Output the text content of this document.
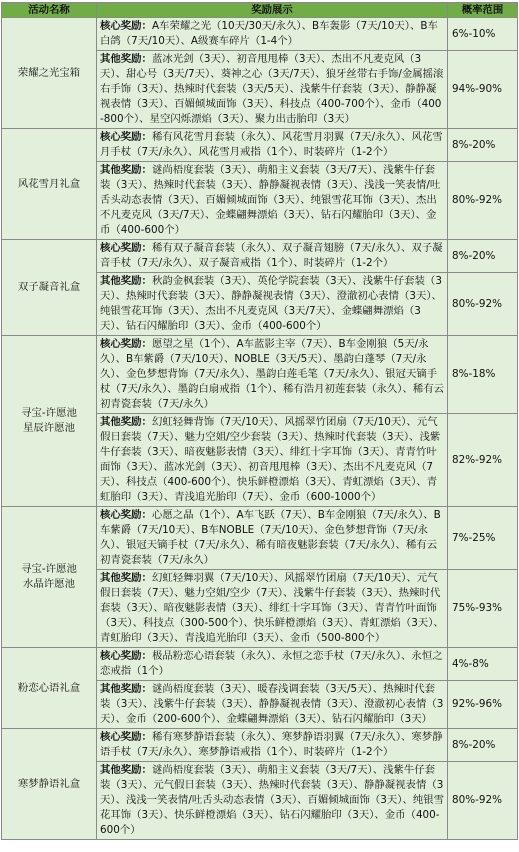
活动名称	奖励展示	概率范围

荣耀之光宝箱	核心奖励：A车荣耀之光（10天/30天/永久）、B车轰影（7天/10天）、B车白鸽（7天/10天）、A级赛车碎片（1-4个）	6%-10%
	其他奖励：蓝冰光剑（3天）、初音甩甩棒（3天）、杰出不凡麦克风（3天）、甜心号（3天/7天）、葵神之心（3天/7天）、狼牙丝带右手饰/金属摇滚右手饰（3天）、热辣时代套装（3天/5天）、浅紫牛仔套装（3天）、静静凝视表情（3天）、百媚倾城面饰（3天）、科技点（400-700个）、金币（400-800个）、星空闪烁漂焰（3天）、聚力出击胎印（3天）	94%-90%

风花雪月礼盒	核心奖励：稀有风花雪月套装（永久）、风花雪月羽翼（7天/永久）、风花雪月手杖（7天/永久）、风花雪月戒指（1个）、时装碎片（1-2个）	8%-20%
	其他奖励：谜尚梧度套装（3天）、萌船主义套装（3天/7天）、浅紫牛仔套装（3天）、热辣时代套装（3天）、静静凝视表情（3天）、浅浅一笑表情/吐舌头动态表情（3天）、百媚倾城面饰（3天）、纯银雪花耳饰（3天）、杰出不凡麦克风（3天/7天）、金蝶翩舞漂焰（3天）、钻石闪耀胎印（3天）、金币（400-600个）	80%-92%

双子凝音礼盒	核心奖励：稀有双子凝音套装（永久）、双子凝音翅膀（7天/永久）、双子凝音手杖（7天/永久）、双子凝音戒指（1个）、时装碎片（1-2个）	8%-20%
	其他奖励：秋韵金枫套装（3天）、英伦学院套装（3天）、浅紫牛仔套装（3天）、热辣时代套装（3天）、静静凝视表情（3天）、澄澈初心表情（3天）、纯银雪花耳饰（3天）、杰出不凡麦克风（3天/7天）、金蝶翩舞漂焰（3天）、钻石闪耀胎印（3天）、金币（400-600个）	80%-92%

寻宝-许愿池
星辰许愿池	核心奖励：愿望之星（1个）、A车蓝影主宰（7天）、B车金刚狼（5天/永久）、B车紫爵（7天/10天）、NOBLE（3天/5天）、墨韵白蓬琴（7天/永久）、金色梦想背饰（7天/永久）、墨韵白莲毛笔（7天/永久）、银冠天镝手杖（7天/永久）、墨韵白扇戒指（1个）、稀有浩月初莲套装（永久）、稀有云初青瓷套装（7天/永久）	8%-18%
	其他奖励：幻虹轻舞背饰（7天/10天）、风摇翠竹团扇（7天/10天）、元气假日套装（7天）、魅力空姐/空少套装（3天）、热辣时代套装（3天）、浅紫牛仔套装（3天）、暗夜魅影表情（3天）、绯红十字耳饰（3天）、青青竹叶面饰（3天）、蓝冰光剑（3天）、初音甩甩棒（3天）、杰出不凡麦克风（7天）、科技点（400-600个）、快乐鲜橙漂焰（3天）、青虹漂焰（3天）、青虹胎印（3天）、青浅追光胎印（7天）、金币（600-1000个）	82%-92%

寻宝-许愿池
水晶许愿池	核心奖励：心愿之晶（1个）、A车飞跃（7天）、B车金刚狼（7天/永久）、B车紫爵（7天/10天）、B车NOBLE（7天/10天）、金色梦想背饰（7天/永久）、银冠天镝手杖（7天/永久）、稀有暗夜魅影套装（7天/永久）、稀有云初青瓷套装（7天/永久）	7%-25%
	其他奖励：幻虹轻舞羽翼（7天/10天）、风摇翠竹团扇（7天/10天）、元气假日套装（7天）、魅力空姐/空少（7天）、浅紫牛仔套装（3天）、热辣时代套装（3天）、暗夜魅影表情（3天）、绯红十字耳饰（3天）、青青竹叶面饰（3天）、科技点（300-500个）、快乐鲜橙漂焰（3天）、青虹漂焰（3天）、青虹胎印（3天）、青浅追光胎印（3天）、金币（500-800个）	75%-93%

粉恋心语礼盒	核心奖励：极品粉恋心语套装（永久）、永恒之恋手杖（7天/永久）、永恒之恋戒指（1个）	4%-8%
	其他奖励：谜尚梧度套装（3天）、暖春浅调套装（3天/5天）、热辣时代套装（3天）、浅紫牛仔套装（3天）、静静凝视表情（3天）、澄澈初心表情（3天）、金币（200-600个）、金蝶翩舞漂焰（3天）、钻石闪耀胎印（3天）	92%-96%

寒梦静语礼盒	核心奖励：稀有寒梦静语套装（永久）、寒梦静语羽翼（7天/永久）、寒梦静语手杖（7天/永久）、寒梦静语戒指（1个）、时装碎片（1-2个）	8%-20%
	其他奖励：谜尚梧度套装（3天）、萌船主义套装（3天/7天）、浅紫牛仔套装（3天）、元气假日套装（3天）、热辣时代套装（3天）、静静凝视表情（3天）、浅浅一笑表情/吐舌头动态表情（3天）、百媚倾城面饰（3天）、纯银雪花耳饰（3天）、快乐鲜橙漂焰（3天）、钻石闪耀胎印（3天）、金币（400-600个）	80%-92%
